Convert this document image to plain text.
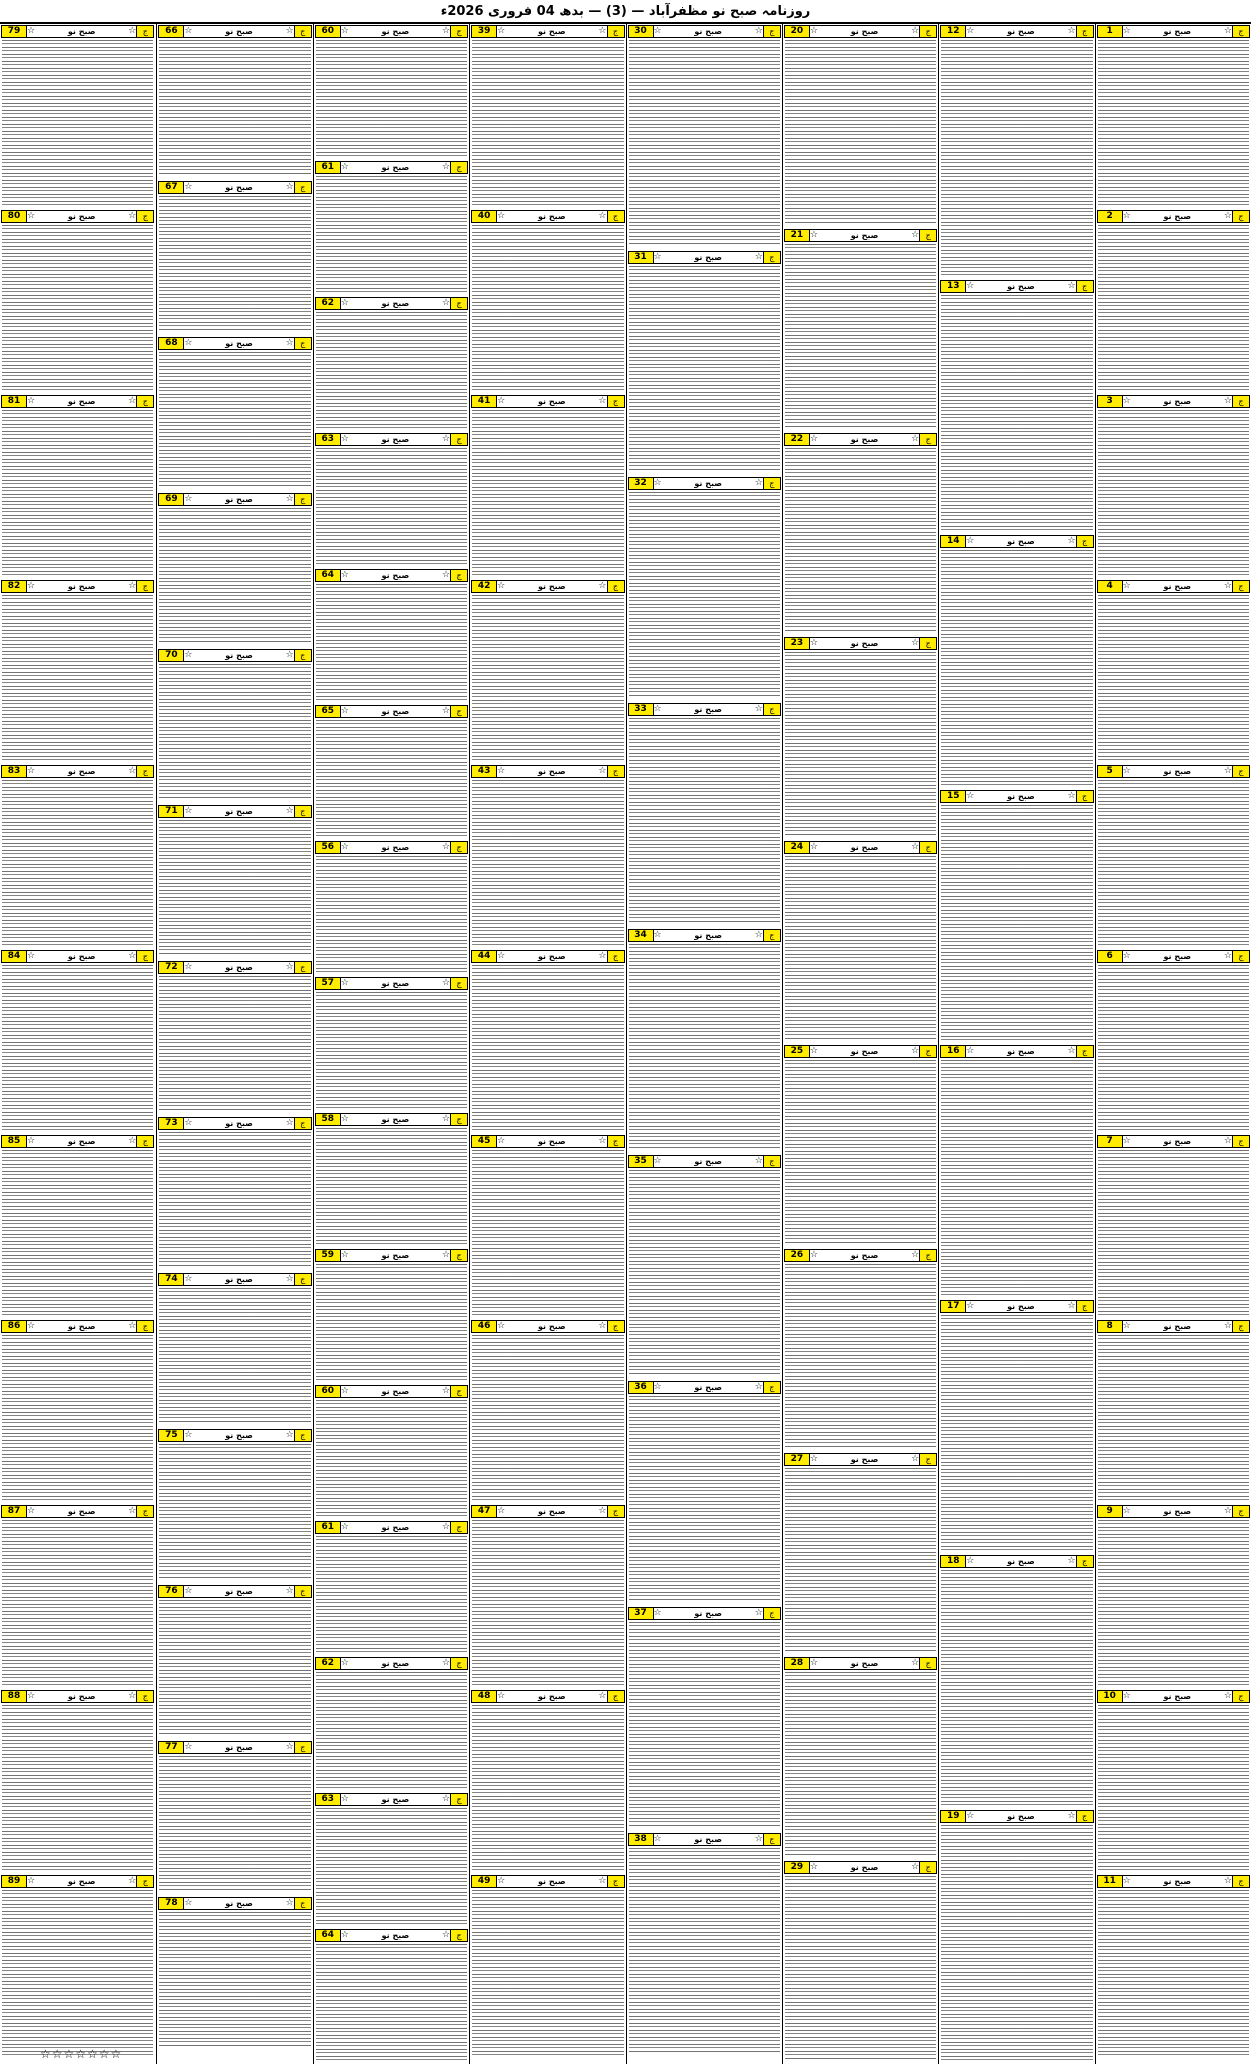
روزنامہ صبح نو مظفرآباد — (3) — بدھ 04 فروری 2026ء
79 ☆	صبح نو	☆ ج
80 ☆	صبح نو	☆ ج
81 ☆	صبح نو	☆ ج
82 ☆	صبح نو	☆ ج
83 ☆	صبح نو	☆ ج
84 ☆	صبح نو	☆ ج
85 ☆	صبح نو	☆ ج
86 ☆	صبح نو	☆ ج
87 ☆	صبح نو	☆ ج
88 ☆	صبح نو	☆ ج
89 ☆	صبح نو	☆ ج
66 ☆	صبح نو	☆ ج
67 ☆	صبح نو	☆ ج
68 ☆	صبح نو	☆ ج
69 ☆	صبح نو	☆ ج
70 ☆	صبح نو	☆ ج
71 ☆	صبح نو	☆ ج
72 ☆	صبح نو	☆ ج
73 ☆	صبح نو	☆ ج
74 ☆	صبح نو	☆ ج
75 ☆	صبح نو	☆ ج
76 ☆	صبح نو	☆ ج
77 ☆	صبح نو	☆ ج
78 ☆	صبح نو	☆ ج
60 ☆	صبح نو	☆ ج
61 ☆	صبح نو	☆ ج
62 ☆	صبح نو	☆ ج
63 ☆	صبح نو	☆ ج
64 ☆	صبح نو	☆ ج
65 ☆	صبح نو	☆ ج
56 ☆	صبح نو	☆ ج
57 ☆	صبح نو	☆ ج
58 ☆	صبح نو	☆ ج
59 ☆	صبح نو	☆ ج
60 ☆	صبح نو	☆ ج
61 ☆	صبح نو	☆ ج
62 ☆	صبح نو	☆ ج
63 ☆	صبح نو	☆ ج
64 ☆	صبح نو	☆ ج
39 ☆	صبح نو	☆ ج
40 ☆	صبح نو	☆ ج
41 ☆	صبح نو	☆ ج
42 ☆	صبح نو	☆ ج
43 ☆	صبح نو	☆ ج
44 ☆	صبح نو	☆ ج
45 ☆	صبح نو	☆ ج
46 ☆	صبح نو	☆ ج
47 ☆	صبح نو	☆ ج
48 ☆	صبح نو	☆ ج
49 ☆	صبح نو	☆ ج
30 ☆	صبح نو	☆ ج
31 ☆	صبح نو	☆ ج
32 ☆	صبح نو	☆ ج
33 ☆	صبح نو	☆ ج
34 ☆	صبح نو	☆ ج
35 ☆	صبح نو	☆ ج
36 ☆	صبح نو	☆ ج
37 ☆	صبح نو	☆ ج
38 ☆	صبح نو	☆ ج
20 ☆	صبح نو	☆ ج
21 ☆	صبح نو	☆ ج
22 ☆	صبح نو	☆ ج
23 ☆	صبح نو	☆ ج
24 ☆	صبح نو	☆ ج
25 ☆	صبح نو	☆ ج
26 ☆	صبح نو	☆ ج
27 ☆	صبح نو	☆ ج
28 ☆	صبح نو	☆ ج
29 ☆	صبح نو	☆ ج
12 ☆	صبح نو	☆ ج
13 ☆	صبح نو	☆ ج
14 ☆	صبح نو	☆ ج
15 ☆	صبح نو	☆ ج
16 ☆	صبح نو	☆ ج
17 ☆	صبح نو	☆ ج
18 ☆	صبح نو	☆ ج
19 ☆	صبح نو	☆ ج
1	☆	صبح نو	☆ ج
2	☆	صبح نو	☆ ج
3	☆	صبح نو	☆ ج
4	☆	صبح نو	☆ ج
5	☆	صبح نو	☆ ج
6	☆	صبح نو	☆ ج
7	☆	صبح نو	☆ ج
8	☆	صبح نو	☆ ج
9	☆	صبح نو	☆ ج
10 ☆	صبح نو	☆ ج
11 ☆	صبح نو	☆ ج
☆☆☆☆☆☆☆
